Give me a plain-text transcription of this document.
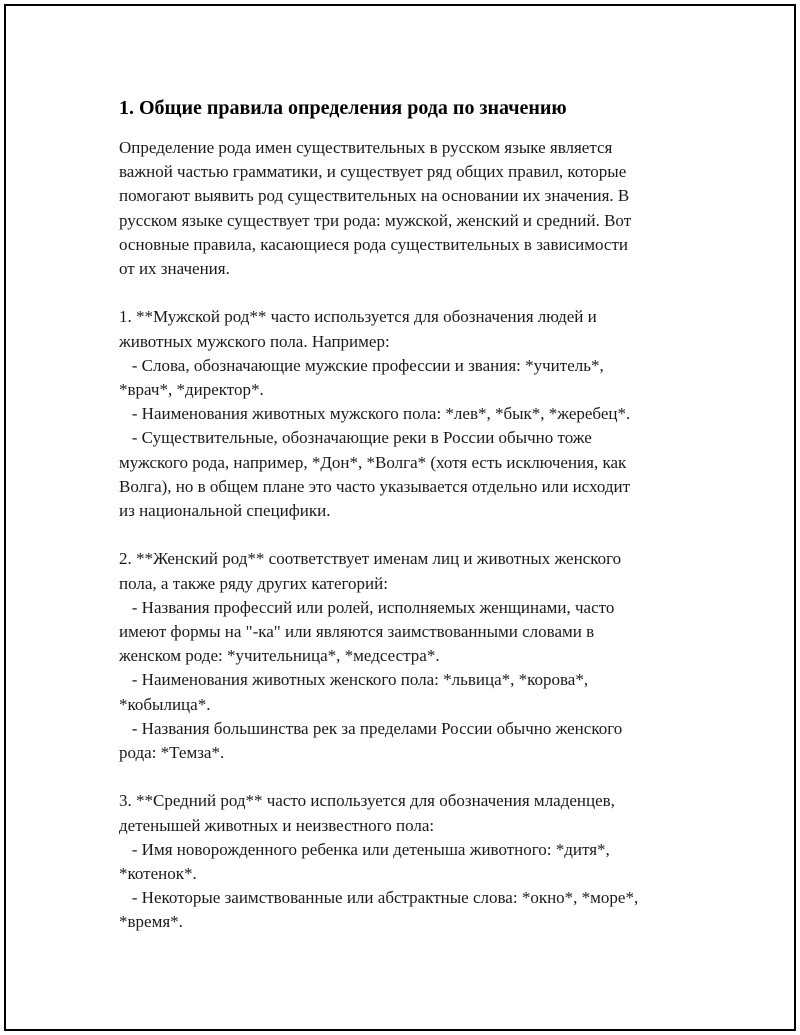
1. Общие правила определения рода по значению

Определение рода имен существительных в русском языке является
важной частью грамматики, и существует ряд общих правил, которые
помогают выявить род существительных на основании их значения. В
русском языке существует три рода: мужской, женский и средний. Вот
основные правила, касающиеся рода существительных в зависимости
от их значения.

1. **Мужской род** часто используется для обозначения людей и
животных мужского пола. Например:
- Слова, обозначающие мужские профессии и звания: *учитель*,
*врач*, *директор*.
- Наименования животных мужского пола: *лев*, *бык*, *жеребец*.
- Существительные, обозначающие реки в России обычно тоже
мужского рода, например, *Дон*, *Волга* (хотя есть исключения, как
Волга), но в общем плане это часто указывается отдельно или исходит
из национальной специфики.

2. **Женский род** соответствует именам лиц и животных женского
пола, а также ряду других категорий:
- Названия профессий или ролей, исполняемых женщинами, часто
имеют формы на "-ка" или являются заимствованными словами в
женском роде: *учительница*, *медсестра*.
- Наименования животных женского пола: *львица*, *корова*,
*кобылица*.
- Названия большинства рек за пределами России обычно женского
рода: *Темза*.

3. **Средний род** часто используется для обозначения младенцев,
детенышей животных и неизвестного пола:
- Имя новорожденного ребенка или детеныша животного: *дитя*,
*котенок*.
- Некоторые заимствованные или абстрактные слова: *окно*, *море*,
*время*.
